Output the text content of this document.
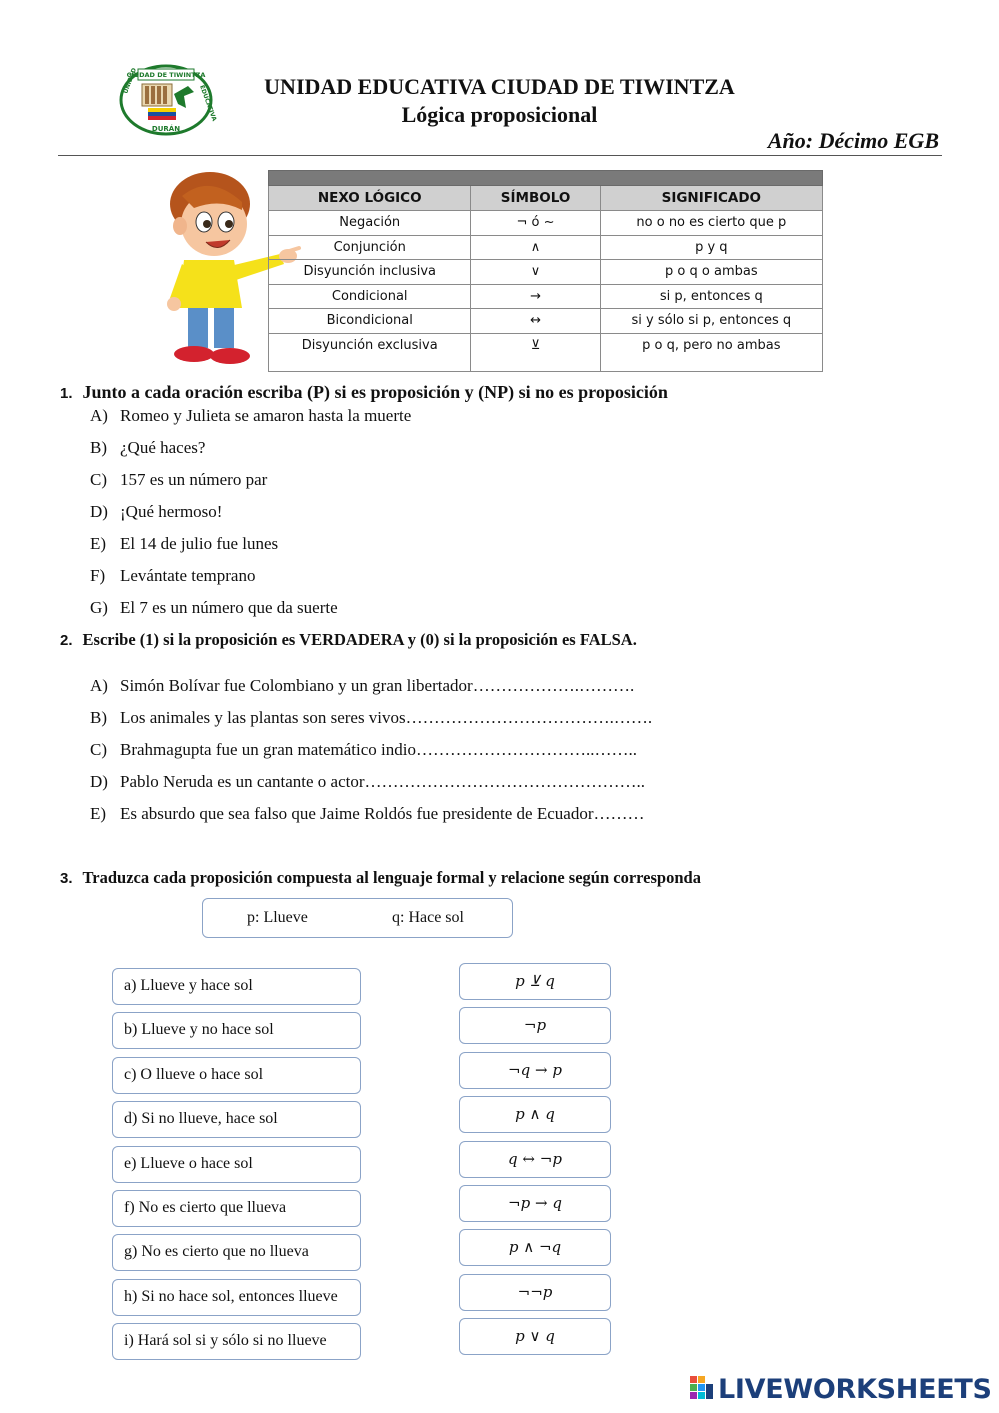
CIUDAD DE TIWINTZA
UNIDAD
EDUCATIVA
DURÁN
UNIDAD EDUCATIVA CIUDAD DE TIWINTZA
Lógica proposicional
Año: Décimo EGB

NEXO LÓGICO	SÍMBOLO	SIGNIFICADO
Negación	¬ ó ~	no o no es cierto que p
Conjunción	∧	p y q
Disyunción inclusiva	∨	p o q o ambas
Condicional	→	si p, entonces q
Bicondicional	↔	si y sólo si p, entonces q
Disyunción exclusiva	⊻	p o q, pero no ambas
1. Junto a cada oración escriba (P) si es proposición y (NP) si no es proposición
A) Romeo y Julieta se amaron hasta la muerte
B) ¿Qué haces?
C) 157 es un número par
D) ¡Qué hermoso!
E) El 14 de julio fue lunes
F) Levántate temprano
G) El 7 es un número que da suerte
2. Escribe (1) si la proposición es VERDADERA y (0) si la proposición es FALSA.
A) Simón Bolívar fue Colombiano y un gran libertador……………….……….
B) Los animales y las plantas son seres vivos……………………………….…….
C) Brahmagupta fue un gran matemático indio…………………………..……..
D) Pablo Neruda es un cantante o actor…………………………………………..
E) Es absurdo que sea falso que Jaime Roldós fue presidente de Ecuador………
3. Traduzca cada proposición compuesta al lenguaje formal y relacione según corresponda
p: Llueve	q: Hace sol
a) Llueve y hace sol
b) Llueve y no hace sol
c) O llueve o hace sol
d) Si no llueve, hace sol
e) Llueve o hace sol
f) No es cierto que llueva
g) No es cierto que no llueva
h) Si no hace sol, entonces llueve
i) Hará sol si y sólo si no llueve
p ⊻ q
¬p
¬q → p
p ∧ q
q ↔ ¬p
¬p → q
p ∧ ¬q
¬¬p
p ∨ q
LIVEWORKSHEETS
